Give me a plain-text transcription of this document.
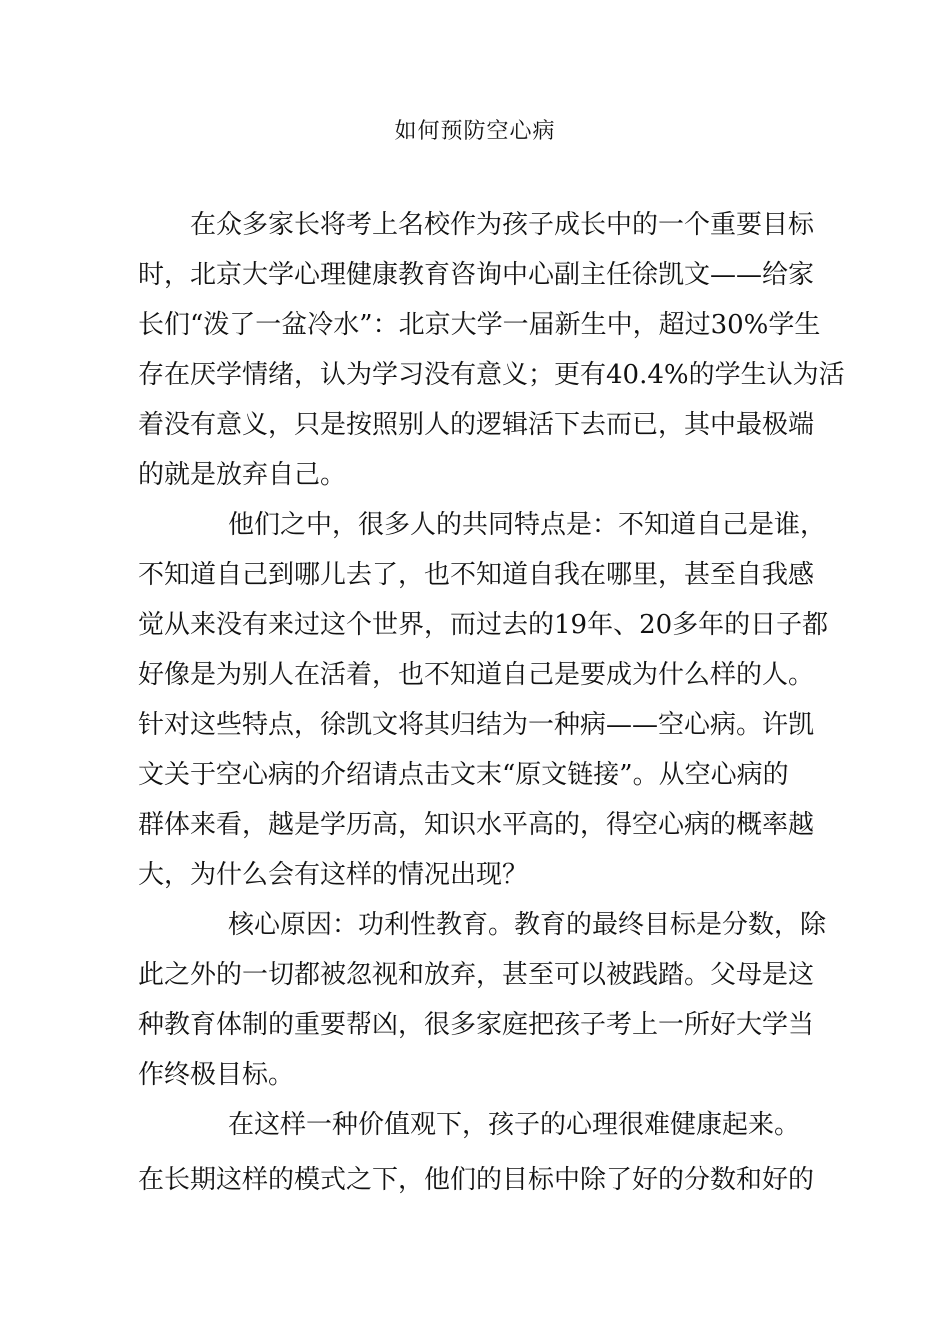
如何预防空心病
在众多家长将考上名校作为孩子成长中的一个重要目标
时，北京大学心理健康教育咨询中心副主任徐凯文——给家
长们“泼了一盆冷水”：北京大学一届新生中，超过30%学生
存在厌学情绪，认为学习没有意义；更有40.4%的学生认为活
着没有意义，只是按照别人的逻辑活下去而已，其中最极端
的就是放弃自己。
他们之中，很多人的共同特点是：不知道自己是谁，
不知道自己到哪儿去了，也不知道自我在哪里，甚至自我感
觉从来没有来过这个世界，而过去的19年、20多年的日子都
好像是为别人在活着，也不知道自己是要成为什么样的人。
针对这些特点，徐凯文将其归结为一种病——空心病。许凯
文关于空心病的介绍请点击文末“原文链接”。从空心病的
群体来看，越是学历高，知识水平高的，得空心病的概率越
大，为什么会有这样的情况出现？
核心原因：功利性教育。教育的最终目标是分数，除
此之外的一切都被忽视和放弃，甚至可以被践踏。父母是这
种教育体制的重要帮凶，很多家庭把孩子考上一所好大学当
作终极目标。
在这样一种价值观下，孩子的心理很难健康起来。
在长期这样的模式之下，他们的目标中除了好的分数和好的
